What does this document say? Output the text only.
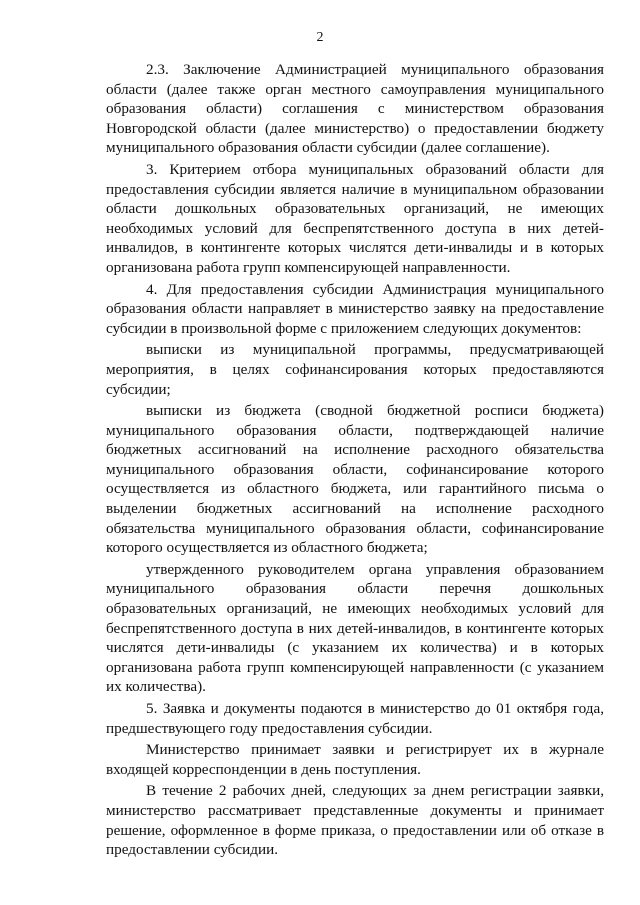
2

2.3. Заключение Администрацией муниципального образования области (далее также орган местного самоуправления муниципального образования области) соглашения с министерством образования Новгородской области (далее министерство) о предоставлении бюджету муниципального образования области субсидии (далее соглашение).

3. Критерием отбора муниципальных образований области для предоставления субсидии является наличие в муниципальном образовании области дошкольных образовательных организаций, не имеющих необходимых условий для беспрепятственного доступа в них детей-инвалидов, в контингенте которых числятся дети-инвалиды и в которых организована работа групп компенсирующей направленности.

4. Для предоставления субсидии Администрация муниципального образования области направляет в министерство заявку на предоставление субсидии в произвольной форме с приложением следующих документов:

выписки из муниципальной программы, предусматривающей мероприятия, в целях софинансирования которых предоставляются субсидии;

выписки из бюджета (сводной бюджетной росписи бюджета) муниципального образования области, подтверждающей наличие бюджетных ассигнований на исполнение расходного обязательства муниципального образования области, софинансирование которого осуществляется из областного бюджета, или гарантийного письма о выделении бюджетных ассигнований на исполнение расходного обязательства муниципального образования области, софинансирование которого осуществляется из областного бюджета;

утвержденного руководителем органа управления образованием муниципального образования области перечня дошкольных образовательных организаций, не имеющих необходимых условий для беспрепятственного доступа в них детей-инвалидов, в контингенте которых числятся дети-инвалиды (с указанием их количества) и в которых организована работа групп компенсирующей направленности (с указанием их количества).

5. Заявка и документы подаются в министерство до 01 октября года, предшествующего году предоставления субсидии.

Министерство принимает заявки и регистрирует их в журнале входящей корреспонденции в день поступления.

В течение 2 рабочих дней, следующих за днем регистрации заявки, министерство рассматривает представленные документы и принимает решение, оформленное в форме приказа, о предоставлении или об отказе в предоставлении субсидии.
